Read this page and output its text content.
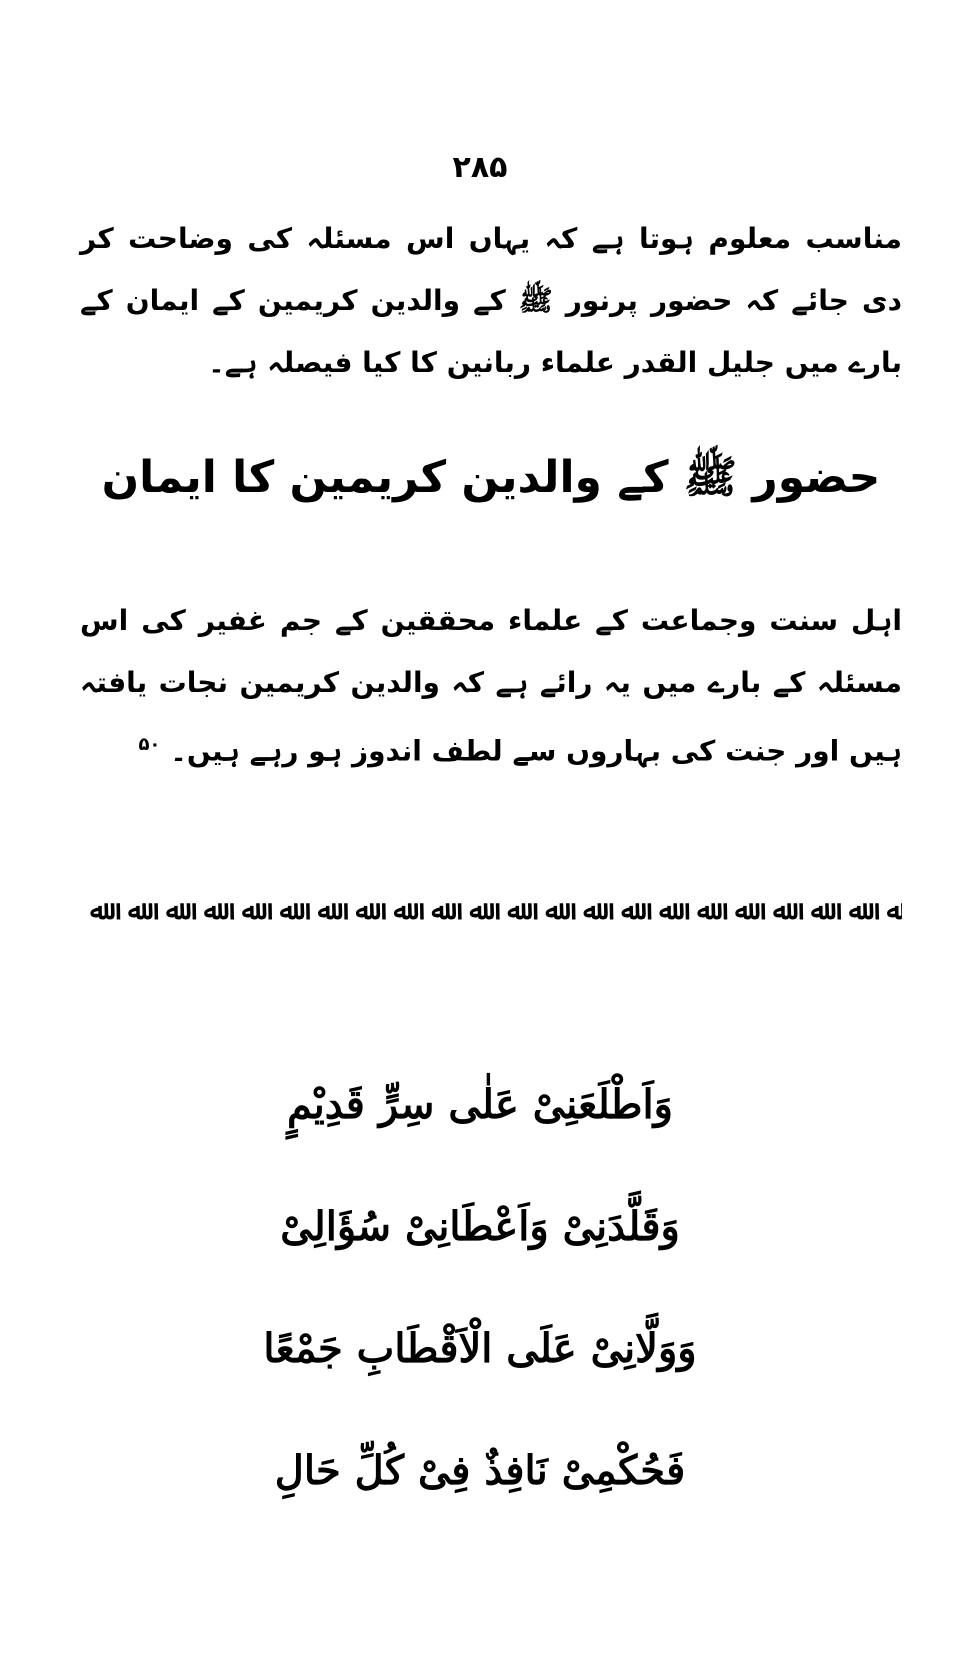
۲۸۵

مناسب معلوم ہوتا ہے کہ یہاں اس مسئلہ کی وضاحت کر دی جائے کہ حضور پرنور ﷺ کے والدین کریمین کے ایمان کے بارے میں جلیل القدر علماء ربانین کا کیا فیصلہ ہے۔

حضور ﷺ کے والدین کریمین کا ایمان

اہل سنت وجماعت کے علماء محققین کے جم غفیر کی اس مسئلہ کے بارے میں یہ رائے ہے کہ والدین کریمین نجات یافتہ ہیں اور جنت کی بہاروں سے لطف اندوز ہو رہے ہیں۔$^{۵۰}$

ﷲ
ﷲ
ﷲ
ﷲ
ﷲ
ﷲ
ﷲ
ﷲ
ﷲ
ﷲ
ﷲ
ﷲ
ﷲ
ﷲ
ﷲ
ﷲ
ﷲ
ﷲ
ﷲ
ﷲ
ﷲ
ﷲ
وَاَطْلَعَنِیْ عَلٰی سِرٍّ قَدِیْمٍ
وَقَلَّدَنِیْ وَاَعْطَانِیْ سُؤَالِیْ
وَوَلَّانِیْ عَلَی الْاَقْطَابِ جَمْعًا
فَحُکْمِیْ نَافِذٌ فِیْ کُلِّ حَالِ
